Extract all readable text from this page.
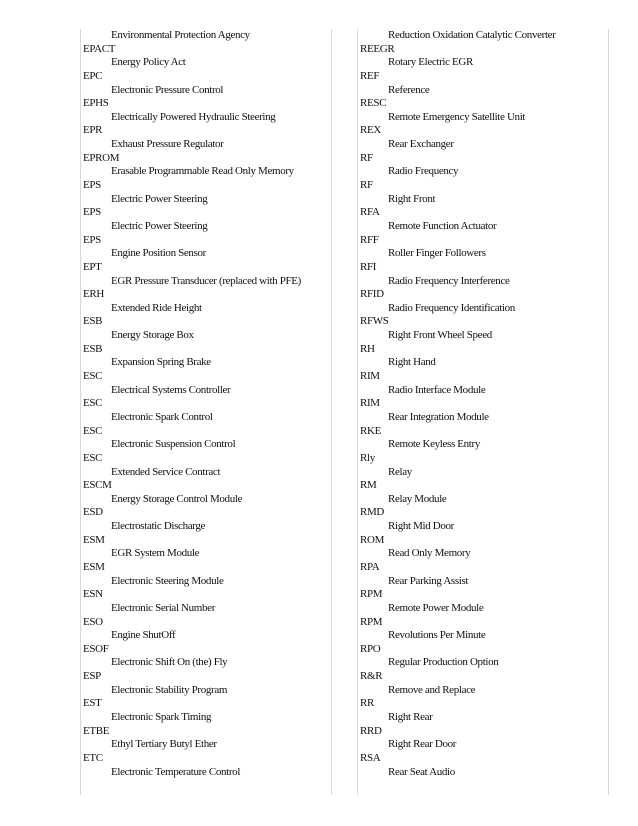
Environmental Protection Agency
EPACT
Energy Policy Act
EPC
Electronic Pressure Control
EPHS
Electrically Powered Hydraulic Steering
EPR
Exhaust Pressure Regulator
EPROM
Erasable Programmable Read Only Memory
EPS
Electric Power Steering
EPS
Electric Power Steering
EPS
Engine Position Sensor
EPT
EGR Pressure Transducer (replaced with PFE)
ERH
Extended Ride Height
ESB
Energy Storage Box
ESB
Expansion Spring Brake
ESC
Electrical Systems Controller
ESC
Electronic Spark Control
ESC
Electronic Suspension Control
ESC
Extended Service Contract
ESCM
Energy Storage Control Module
ESD
Electrostatic Discharge
ESM
EGR System Module
ESM
Electronic Steering Module
ESN
Electronic Serial Number
ESO
Engine ShutOff
ESOF
Electronic Shift On (the) Fly
ESP
Electronic Stability Program
EST
Electronic Spark Timing
ETBE
Ethyl Tertiary Butyl Ether
ETC
Electronic Temperature Control
Reduction Oxidation Catalytic Converter
REEGR
Rotary Electric EGR
REF
Reference
RESC
Remote Emergency Satellite Unit
REX
Rear Exchanger
RF
Radio Frequency
RF
Right Front
RFA
Remote Function Actuator
RFF
Roller Finger Followers
RFI
Radio Frequency Interference
RFID
Radio Frequency Identification
RFWS
Right Front Wheel Speed
RH
Right Hand
RIM
Radio Interface Module
RIM
Rear Integration Module
RKE
Remote Keyless Entry
Rly
Relay
RM
Relay Module
RMD
Right Mid Door
ROM
Read Only Memory
RPA
Rear Parking Assist
RPM
Remote Power Module
RPM
Revolutions Per Minute
RPO
Regular Production Option
R&R
Remove and Replace
RR
Right Rear
RRD
Right Rear Door
RSA
Rear Seat Audio
